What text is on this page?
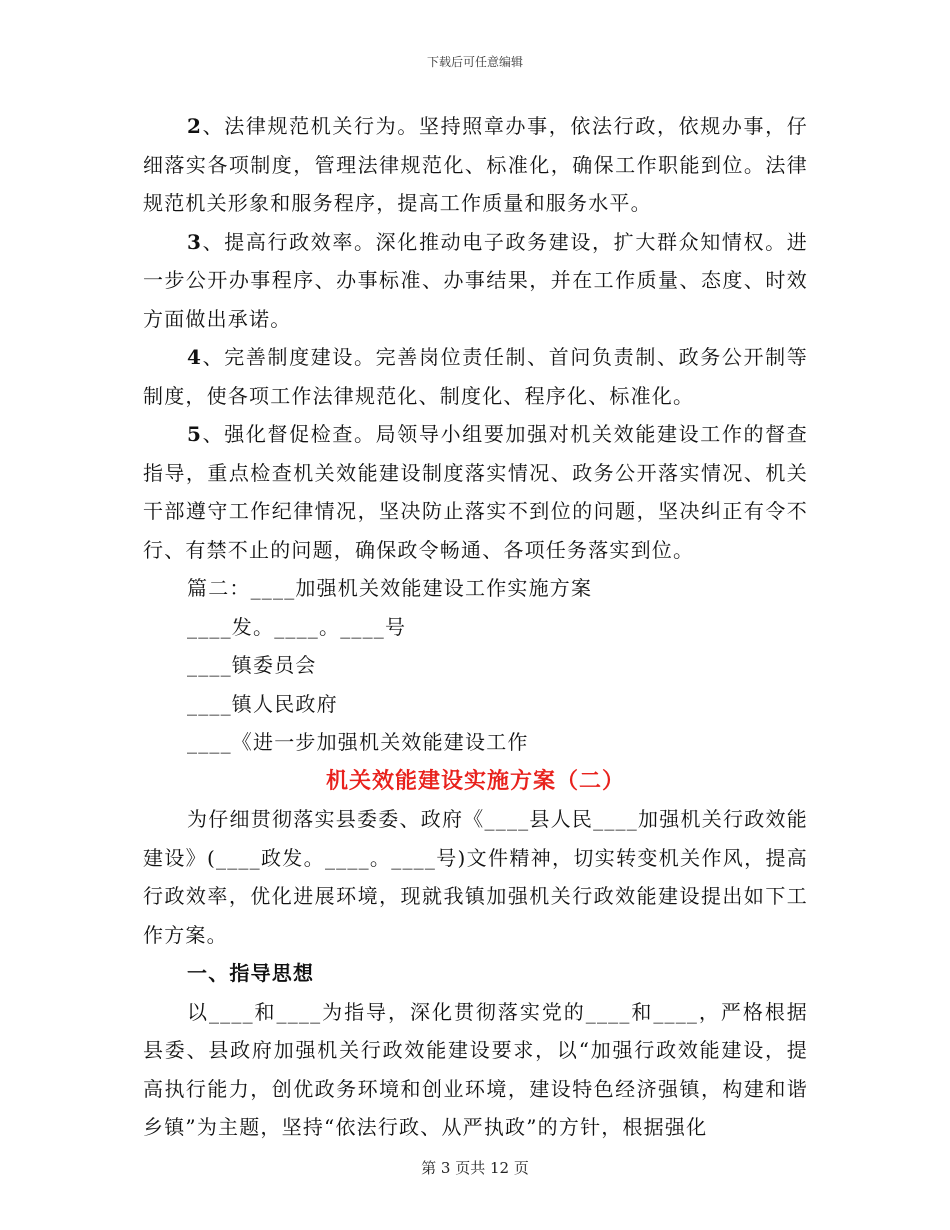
下载后可任意编辑

2、法律规范机关行为。坚持照章办事，依法行政，依规办事，仔细落实各项制度，管理法律规范化、标准化，确保工作职能到位。法律规范机关形象和服务程序，提高工作质量和服务水平。

3、提高行政效率。深化推动电子政务建设，扩大群众知情权。进一步公开办事程序、办事标准、办事结果，并在工作质量、态度、时效方面做出承诺。

4、完善制度建设。完善岗位责任制、首问负责制、政务公开制等制度，使各项工作法律规范化、制度化、程序化、标准化。

5、强化督促检查。局领导小组要加强对机关效能建设工作的督查指导，重点检查机关效能建设制度落实情况、政务公开落实情况、机关干部遵守工作纪律情况，坚决防止落实不到位的问题，坚决纠正有令不行、有禁不止的问题，确保政令畅通、各项任务落实到位。

篇二：____加强机关效能建设工作实施方案

____发。____。____号

____镇委员会

____镇人民政府

____《进一步加强机关效能建设工作

机关效能建设实施方案（二）

为仔细贯彻落实县委委、政府《____县人民____加强机关行政效能建设》(____政发。____。____号)文件精神，切实转变机关作风，提高行政效率，优化进展环境，现就我镇加强机关行政效能建设提出如下工作方案。

一、指导思想

以____和____为指导，深化贯彻落实党的____和____，严格根据县委、县政府加强机关行政效能建设要求，以“加强行政效能建设，提高执行能力，创优政务环境和创业环境，建设特色经济强镇，构建和谐乡镇”为主题，坚持“依法行政、从严执政”的方针，根据强化

第 3 页共 12 页
